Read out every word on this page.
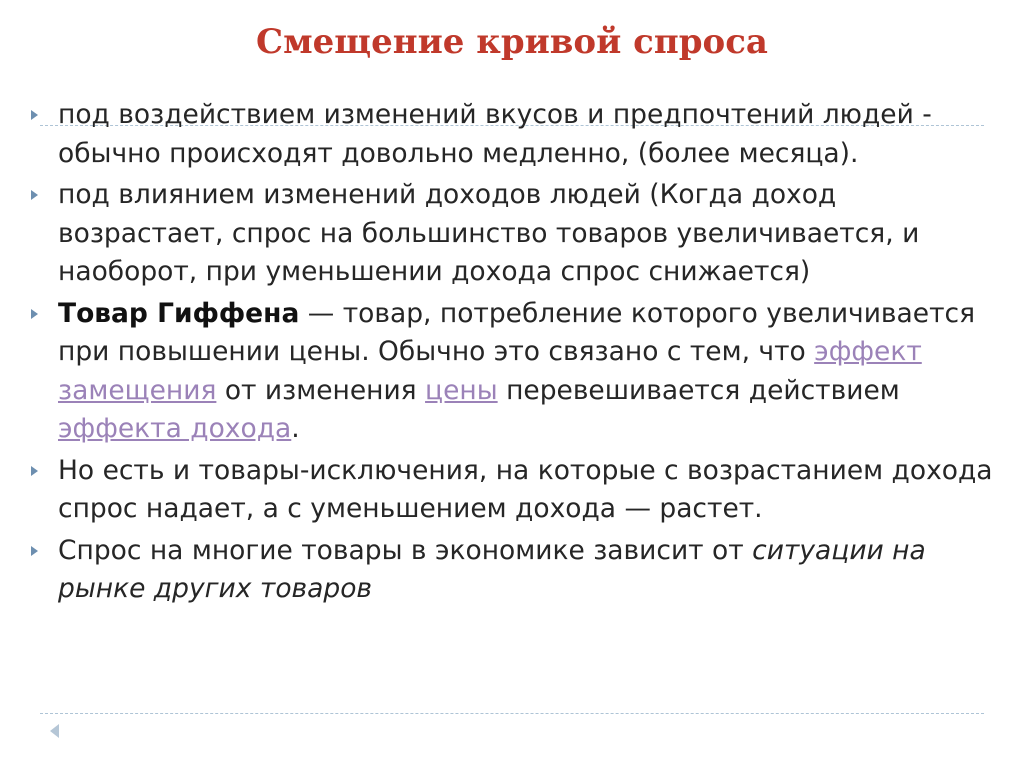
Смещение кривой спроса
под воздействием изменений вкусов и предпочтений людей - обычно происходят довольно медленно, (более месяца).
под влиянием изменений доходов людей (Когда доход возрастает, спрос на большинство товаров увеличивается, и наоборот, при уменьшении дохода спрос снижается)
Товар Гиффена — товар, потребление которого увеличивается при повышении цены. Обычно это связано с тем, что эффект замещения от изменения цены перевешивается действием эффекта дохода.
Но есть и товары-исключения, на которые с возрастанием дохода спрос надает, а с уменьшением дохода — растет.
Спрос на многие товары в экономике зависит от ситуации на рынке других товаров
